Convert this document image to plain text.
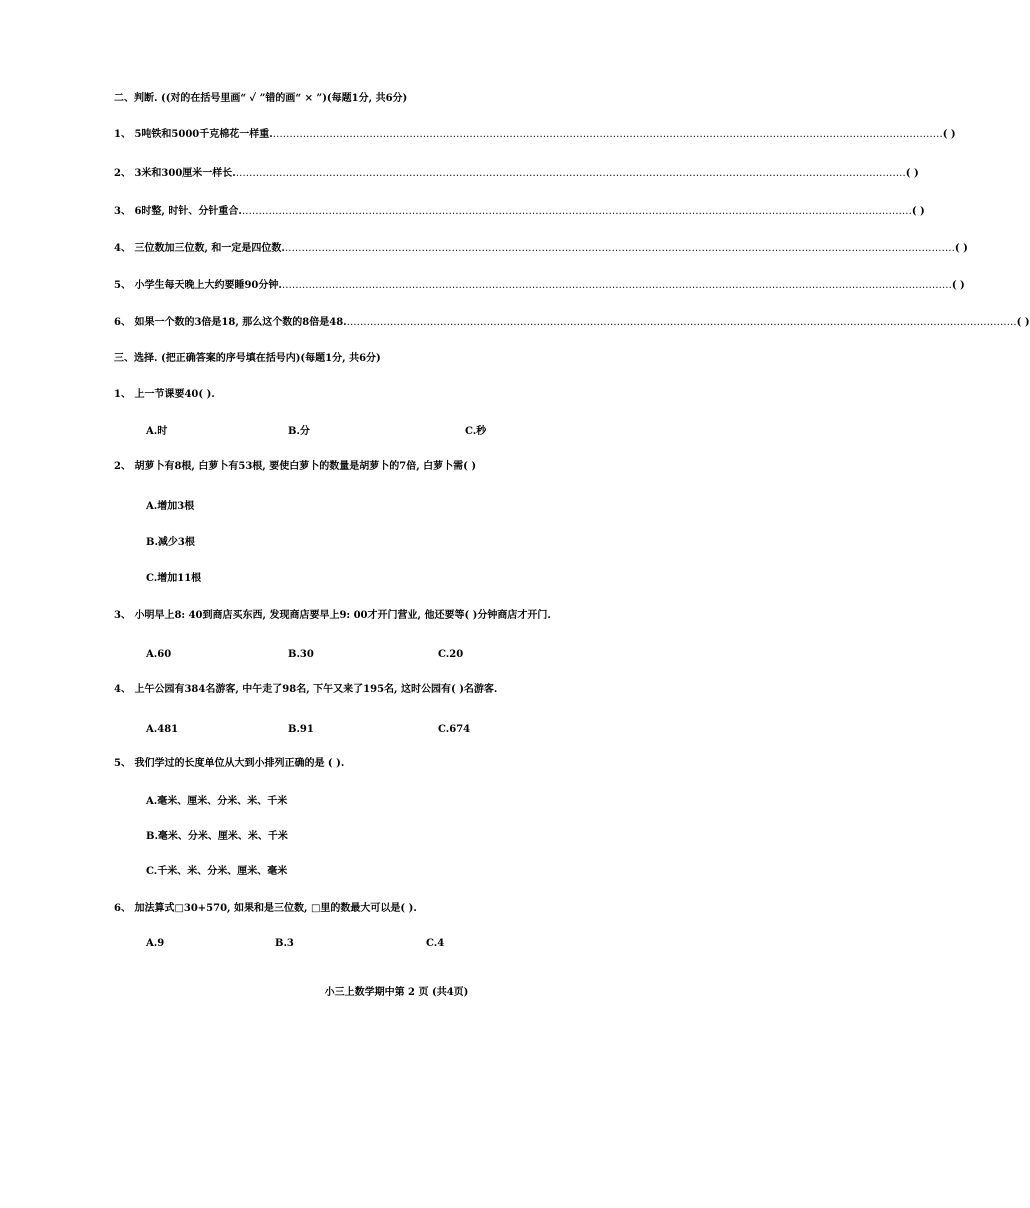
二、判断. ((对的在括号里画“ ✓ ”错的画“ × ”)(每题1分, 共6分)
1、 5吨铁和5000千克棉花一样重. ………………………………………………………………………………………………………………………………………………………………………………… ( )
2、 3米和300厘米一样长. ………………………………………………………………………………………………………………………………………………………………………………… ( )
3、 6时整, 时针、分针重合. ………………………………………………………………………………………………………………………………………………………………………………… ( )
4、 三位数加三位数, 和一定是四位数. ………………………………………………………………………………………………………………………………………………………………………………… ( )
5、 小学生每天晚上大约要睡90分钟. ………………………………………………………………………………………………………………………………………………………………………………… ( )
6、 如果一个数的3倍是18, 那么这个数的8倍是48. ………………………………………………………………………………………………………………………………………………………………………………… ( )
三、选择. (把正确答案的序号填在括号内)(每题1分, 共6分)
1、 上一节课要40( ).
A.时	B.分	C.秒
2、 胡萝卜有8根, 白萝卜有53根, 要使白萝卜的数量是胡萝卜的7倍, 白萝卜需( )
A.增加3根
B.减少3根
C.增加11根
3、 小明早上8: 40到商店买东西, 发现商店要早上9: 00才开门营业, 他还要等( )分钟商店才开门.
A.60	B.30	C.20
4、 上午公园有384名游客, 中午走了98名, 下午又来了195名, 这时公园有( )名游客.
A.481	B.91	C.674
5、 我们学过的长度单位从大到小排列正确的是 ( ).
A.毫米、厘米、分米、米、千米
B.毫米、分米、厘米、米、千米
C.千米、米、分米、厘米、毫米
6、 加法算式□30+570, 如果和是三位数, □里的数最大可以是( ).
A.9	B.3	C.4
小三上数学期中第 2 页 (共4页)
